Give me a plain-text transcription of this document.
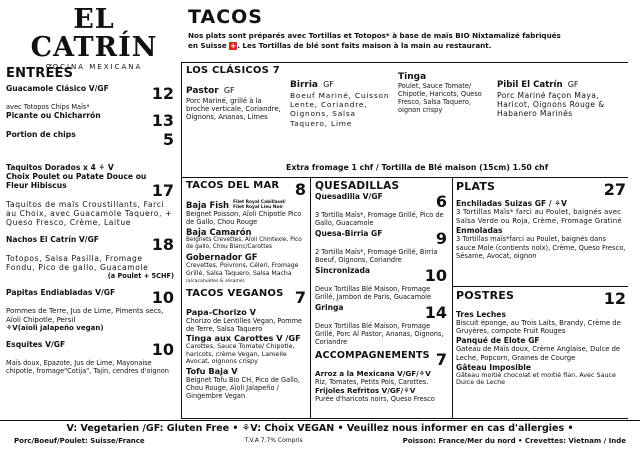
EL CATRÍN
COCINA MEXICANA
TACOS
Nos plats sont préparés avec Tortillas et Totopos* à base de maïs BIO Nixtamalizé fabriqués
en Suisse +. Les Tortillas de blé sont faits maison à la main au restaurant.
ENTRÉES
Guacamole Clásico V/GF	12
avec Totopos Chips Maïs*
Picante ou Chicharrón	13
Portion de chips	5
Taquitos Dorados x 4 ⚘ V
Choix Poulet ou Patate Douce ou
Fleur Hibiscus	17
Taquitos de maïs Croustillants, Farci au Choix, avec Guacamole Taquero, + Queso Fresco, Crème, Laitue
Nachos El Catrín V/GF	18
Totopos, Salsa Pasilla, Fromage Fondu, Pico de gallo, Guacamole
(a Poulet + 5CHF)
Papitas Endiabladas V/GF 10
Pommes de Terre, Jus de Lime, Piments secs, Aïoli Chipotle, Persil
⚘V(aïoli jalapeño vegan)
Esquites V/GF	10
Maïs doux, Epazote, Jus de Lime, Mayonaise chipotle, fromage"Cotija", Tajín, cendres d'oignon
LOS CLÁSICOS 7
Pastor GF
Porc Mariné, grillé à la broche verticale, Coriandre, Oignons, Ananas, Limes
Birria GF
Boeuf Mariné, Cuisson Lente, Coriandre, Oignons, Salsa Taquero, Lime
Tinga
Poulet, Sauce Tomate/ Chipotle, Haricots, Queso Fresco, Salsa Taquero, oignon crispy
Pibil El Catrín GF
Porc Mariné façon Maya, Haricot, Oignons Rouge & Habanero Marinés
Extra fromage 1 chf / Tortilla de Blé maison (15cm) 1.50 chf
TACOS DEL MAR 8
Baja Fish Filet Royal Cabillaud/
Filet Royal Lieu Noir
Beignet Poisson, Aïoli Chipotle Pico de Gallo, Chou Rouge
Baja Camarón
Beignets Crevettes, Aïoli Chintexle, Pico de gallo, Chou Blanc/Carottes
Gobernador GF
Crevettes, Poivrons, Céleri, Fromage Grillé, Salsa Taquero, Salsa Macha (a/cacahuètes & sésame)
TACOS VEGANOS 7
Papa-Chorizo V
Chorizo de Lentilles Vegan, Pomme de Terre, Salsa Taquero
Tinga aux Carottes V /GF
Carottes, Sauce Tomate/ Chipotle, haricots, crème Vegan, Lamelle Avocat, oignons crispy
Tofu Baja V
Beignet Tofu Bio CH, Pico de Gallo, Chou Rouge, Aïoli Jalapeño / Gingembre Vegan
QUESADILLAS
Quesadilla V/GF	6
3 Tortilla Maïs*, Fromage Grillé, Pico de Gallo, Guacamole
Quesa-Birria GF	9
2 Tortilla Maïs*, Fromage Grillé, Birria Boeuf, Oignons, Coriandre
Sincronizada	10
Deux Tortillas Blé Maison, Fromage Grillé, Jambon de Paris, Guacamole
Gringa	14
Deux Tortillas Blé Maison, Fromage Grillé, Porc Al Pastor, Ananas, Oignons, Coriandre
ACCOMPAGNEMENTS 7
Arroz a la Mexicana V/GF/⚘V
Riz, Tomates, Petits Pois, Carottes.
Frijoles Refritos V/GF/⚘V
Purée d'haricots noirs, Queso Fresco
PLATS	27
Enchiladas Suizas GF / ⚘V
3 Tortillas Maïs* farci au Poulet, baignés avec Salsa Verde ou Roja, Crème, Fromage Gratiné
Enmoladas
3 Tortillas maïs*farci au Poulet, baignés dans sauce Mole (contients noix), Crème, Queso Fresco, Sésame, Avocat, oignon
POSTRES	12
Tres Leches
Biscuit éponge, au Trois Laits, Brandy, Crème de Gruyères, compote Fruit Rouges
Panqué de Elote GF
Gateau de Maïs doux, Crème Anglaise, Dulce de Leche, Popcorn, Graines de Courge
Gâteau Imposible
Gâteau moitié chocolat et moitié flan. Avec Sauce Dulce de Leche
V: Vegetarien /GF: Gluten Free • ⚘V: Choix VEGAN • Veuillez nous informer en cas d'allergies •
Porc/Boeuf/Poulet: Suisse/France	T.V.A 7.7% Compris	Poisson: France/Mer du nord • Crevettes: Vietnam / Inde
